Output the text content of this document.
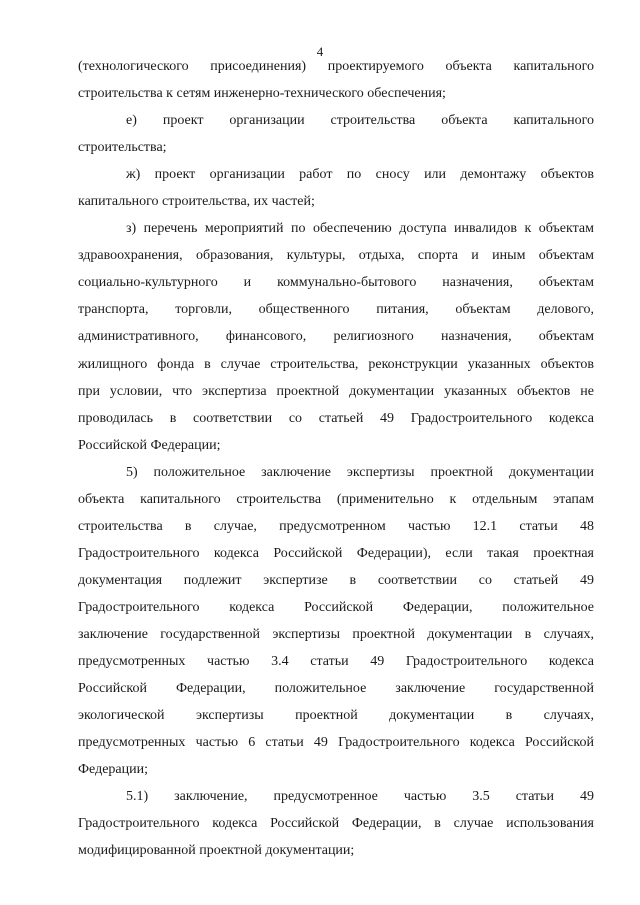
4
(технологического присоединения) проектируемого объекта капитального
строительства к сетям инженерно-технического обеспечения;
е) проект организации строительства объекта капитального
строительства;
ж) проект организации работ по сносу или демонтажу объектов
капитального строительства, их частей;
з) перечень мероприятий по обеспечению доступа инвалидов к объектам
здравоохранения, образования, культуры, отдыха, спорта и иным объектам
социально-культурного и коммунально-бытового назначения, объектам
транспорта, торговли, общественного питания, объектам делового,
административного, финансового, религиозного назначения, объектам
жилищного фонда в случае строительства, реконструкции указанных объектов
при условии, что экспертиза проектной документации указанных объектов не
проводилась в соответствии со статьей 49 Градостроительного кодекса
Российской Федерации;
5) положительное заключение экспертизы проектной документации
объекта капитального строительства (применительно к отдельным этапам
строительства в случае, предусмотренном частью 12.1 статьи 48
Градостроительного кодекса Российской Федерации), если такая проектная
документация подлежит экспертизе в соответствии со статьей 49
Градостроительного кодекса Российской Федерации, положительное
заключение государственной экспертизы проектной документации в случаях,
предусмотренных частью 3.4 статьи 49 Градостроительного кодекса
Российской Федерации, положительное заключение государственной
экологической экспертизы проектной документации в случаях,
предусмотренных частью 6 статьи 49 Градостроительного кодекса Российской
Федерации;
5.1) заключение, предусмотренное частью 3.5 статьи 49
Градостроительного кодекса Российской Федерации, в случае использования
модифицированной проектной документации;
